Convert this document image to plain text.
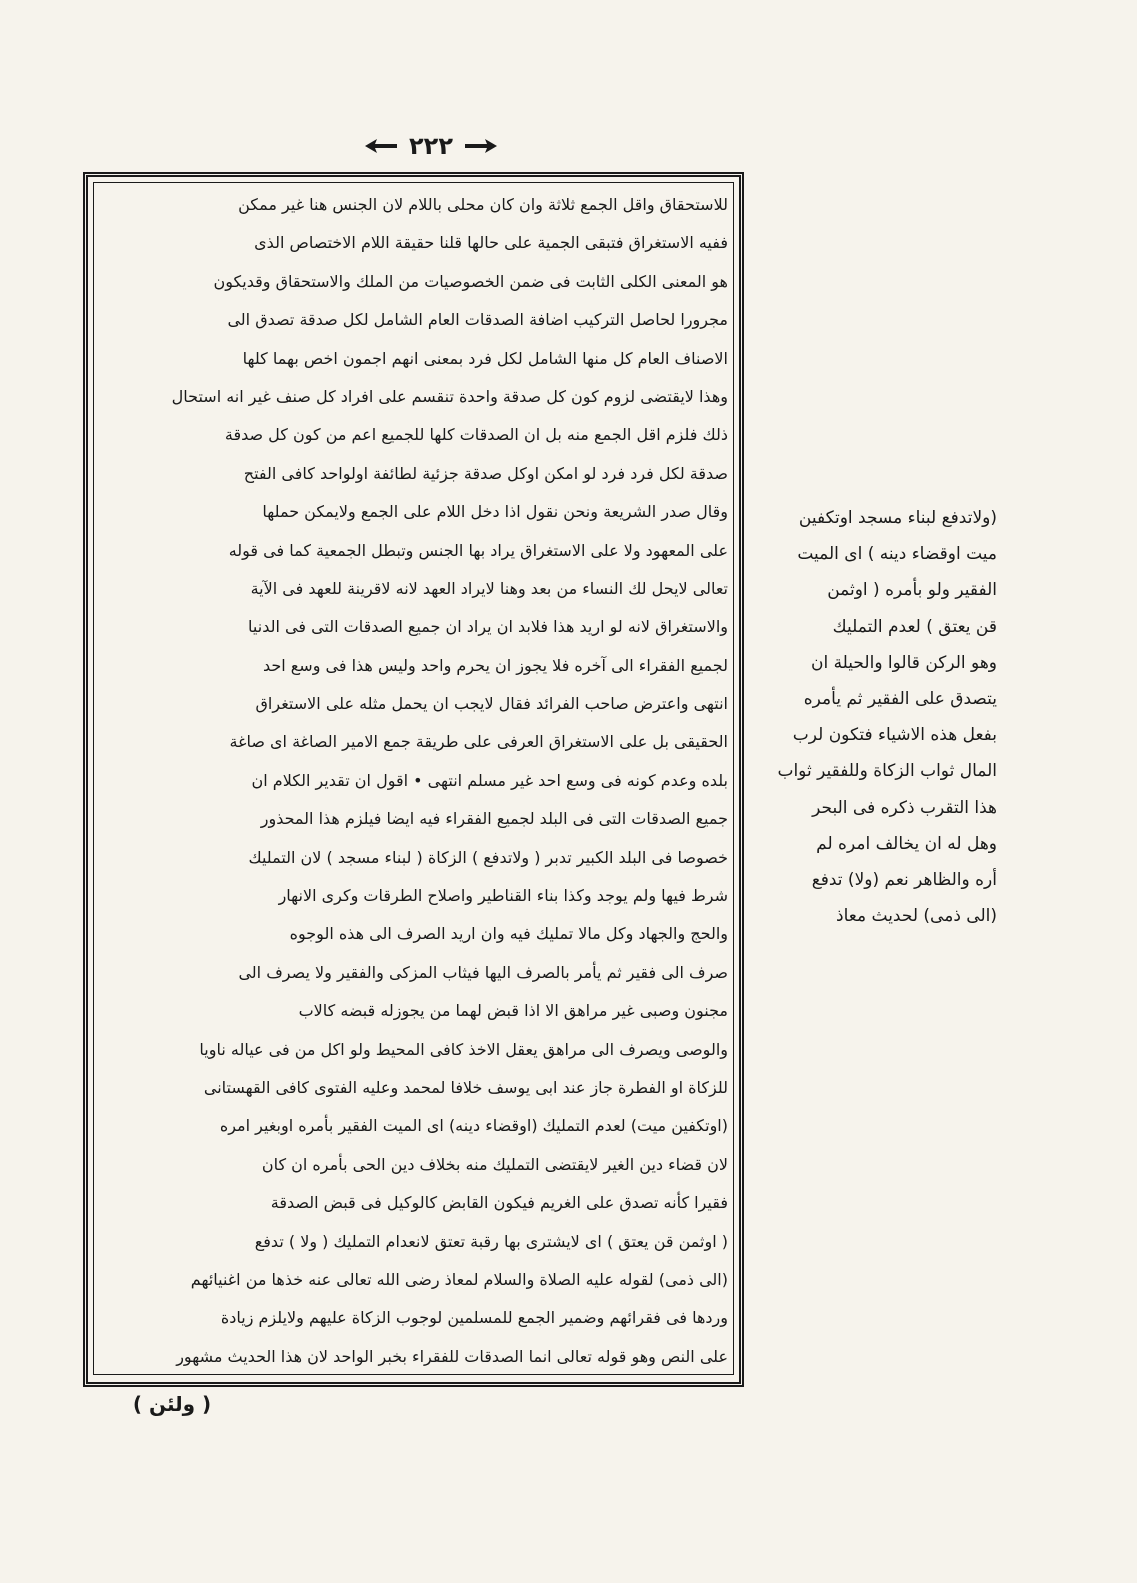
٢٢٢
للاستحقاق واقل الجمع ثلاثة وان كان محلى باللام لان الجنس هنا غير ممكن
ففيه الاستغراق فتبقى الجمية على حالها قلنا حقيقة اللام الاختصاص الذى
هو المعنى الكلى الثابت فى ضمن الخصوصيات من الملك والاستحقاق وقديكون
مجرورا لحاصل التركيب اضافة الصدقات العام الشامل لكل صدقة تصدق الى
الاصناف العام كل منها الشامل لكل فرد بمعنى انهم اجمون اخص بهما كلها
وهذا لايقتضى لزوم كون كل صدقة واحدة تنقسم على افراد كل صنف غير انه استحال
ذلك فلزم اقل الجمع منه بل ان الصدقات كلها للجميع اعم من كون كل صدقة
صدقة لكل فرد فرد لو امكن اوكل صدقة جزئية لطائفة اولواحد كافى الفتح
وقال صدر الشريعة ونحن نقول اذا دخل اللام على الجمع ولايمكن حملها
على المعهود ولا على الاستغراق يراد بها الجنس وتبطل الجمعية كما فى قوله
تعالى لايحل لك النساء من بعد وهنا لايراد العهد لانه لاقرينة للعهد فى الآية
والاستغراق لانه لو اريد هذا فلابد ان يراد ان جميع الصدقات التى فى الدنيا
لجميع الفقراء الى آخره فلا يجوز ان يحرم واحد وليس هذا فى وسع احد
انتهى واعترض صاحب الفرائد فقال لايجب ان يحمل مثله على الاستغراق
الحقيقى بل على الاستغراق العرفى على طريقة جمع الامير الصاغة اى صاغة
بلده وعدم كونه فى وسع احد غير مسلم انتهى • اقول ان تقدير الكلام ان
جميع الصدقات التى فى البلد لجميع الفقراء فيه ايضا فيلزم هذا المحذور
خصوصا فى البلد الكبير تدبر ( ولاتدفع ) الزكاة ( لبناء مسجد ) لان التمليك
شرط فيها ولم يوجد وكذا بناء القناطير واصلاح الطرقات وكرى الانهار
والحج والجهاد وكل مالا تمليك فيه وان اريد الصرف الى هذه الوجوه
صرف الى فقير ثم يأمر بالصرف اليها فيثاب المزكى والفقير ولا يصرف الى
مجنون وصبى غير مراهق الا اذا قبض لهما من يجوزله قبضه كالاب
والوصى ويصرف الى مراهق يعقل الاخذ كافى المحيط ولو اكل من فى عياله ناويا
للزكاة او الفطرة جاز عند ابى يوسف خلافا لمحمد وعليه الفتوى كافى القهستانى
(اوتكفين ميت) لعدم التمليك (اوقضاء دينه) اى الميت الفقير بأمره اوبغير امره
لان قضاء دين الغير لايقتضى التمليك منه بخلاف دين الحى بأمره ان كان
فقيرا كأنه تصدق على الغريم فيكون القابض كالوكيل فى قبض الصدقة
( اوثمن قن يعتق ) اى لايشترى بها رقبة تعتق لانعدام التمليك ( ولا ) تدفع
(الى ذمى) لقوله عليه الصلاة والسلام لمعاذ رضى الله تعالى عنه خذها من اغنيائهم
وردها فى فقرائهم وضمير الجمع للمسلمين لوجوب الزكاة عليهم ولايلزم زيادة
على النص وهو قوله تعالى انما الصدقات للفقراء بخبر الواحد لان هذا الحديث مشهور
(ولاتدفع لبناء مسجد اوتكفين
ميت اوقضاء دينه ) اى الميت
الفقير ولو بأمره ( اوثمن
قن يعتق ) لعدم التمليك
وهو الركن قالوا والحيلة ان
يتصدق على الفقير ثم يأمره
بفعل هذه الاشياء فتكون لرب
المال ثواب الزكاة وللفقير ثواب
هذا التقرب ذكره فى البحر
وهل له ان يخالف امره لم
أره والظاهر نعم (ولا) تدفع
(الى ذمى) لحديث معاذ
( ولئن )
